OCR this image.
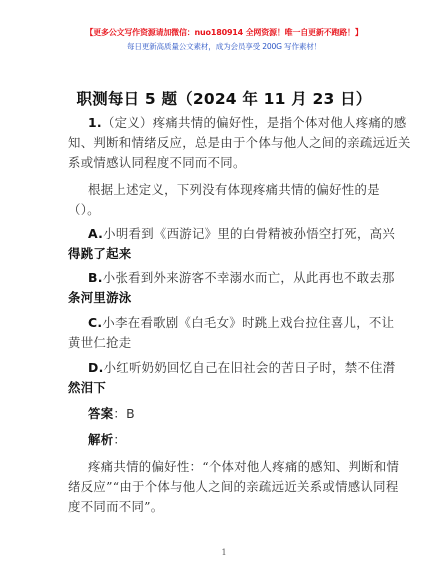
【更多公文写作资源请加微信：nuo180914 全网资源！唯一自更新不跑路！】
每日更新高质量公文素材，成为会员享受 200G 写作素材！
职测每日 5 题（2024 年 11 月 23 日）
1.（定义）疼痛共情的偏好性，是指个体对他人疼痛的感
知、判断和情绪反应，总是由于个体与他人之间的亲疏远近关
系或情感认同程度不同而不同。
根据上述定义，下列没有体现疼痛共情的偏好性的是
（）。
A.小明看到《西游记》里的白骨精被孙悟空打死，高兴
得跳了起来
B.小张看到外来游客不幸溺水而亡，从此再也不敢去那
条河里游泳
C.小李在看歌剧《白毛女》时跳上戏台拉住喜儿，不让
黄世仁抢走
D.小红听奶奶回忆自己在旧社会的苦日子时，禁不住潸
然泪下
答案：B
解析：
疼痛共情的偏好性：“个体对他人疼痛的感知、判断和情
绪反应”“由于个体与他人之间的亲疏远近关系或情感认同程
度不同而不同”。
1
